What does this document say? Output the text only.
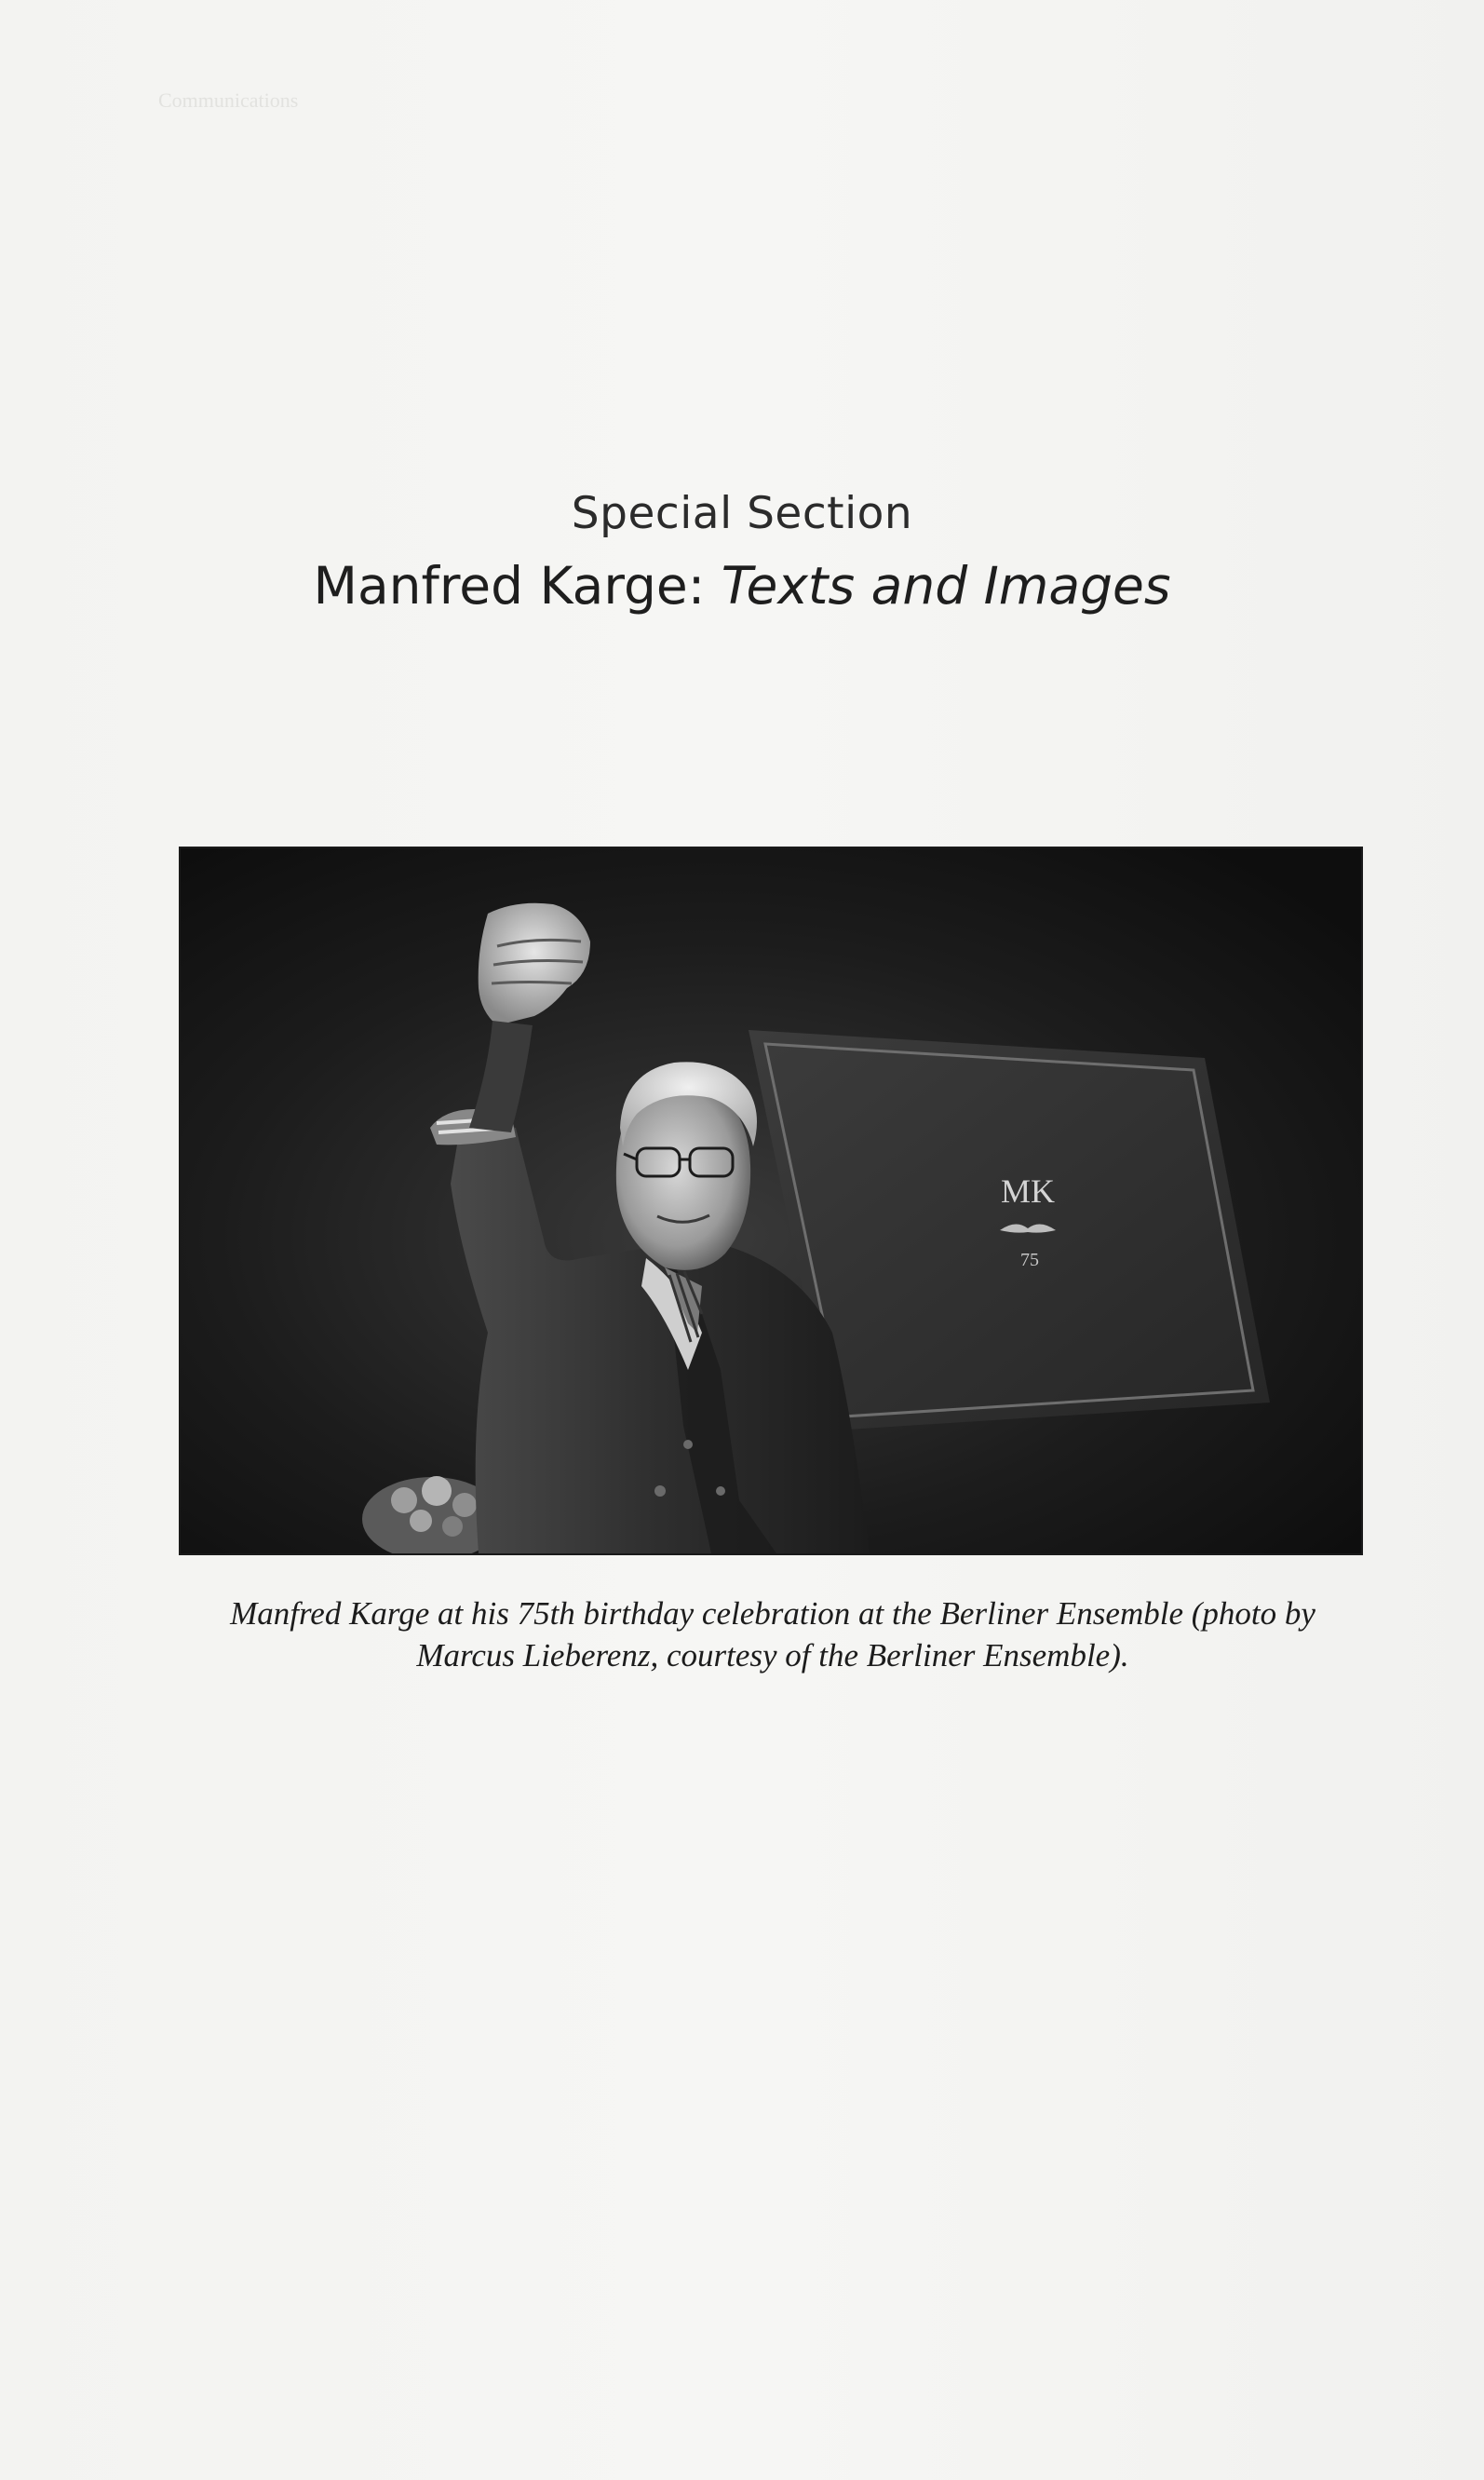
Communications
Special Section
Manfred Karge: Texts and Images
MK
75
Manfred Karge at his 75th birthday celebration at the Berliner Ensemble (photo by Marcus Lieberenz, courtesy of the Berliner Ensemble).
